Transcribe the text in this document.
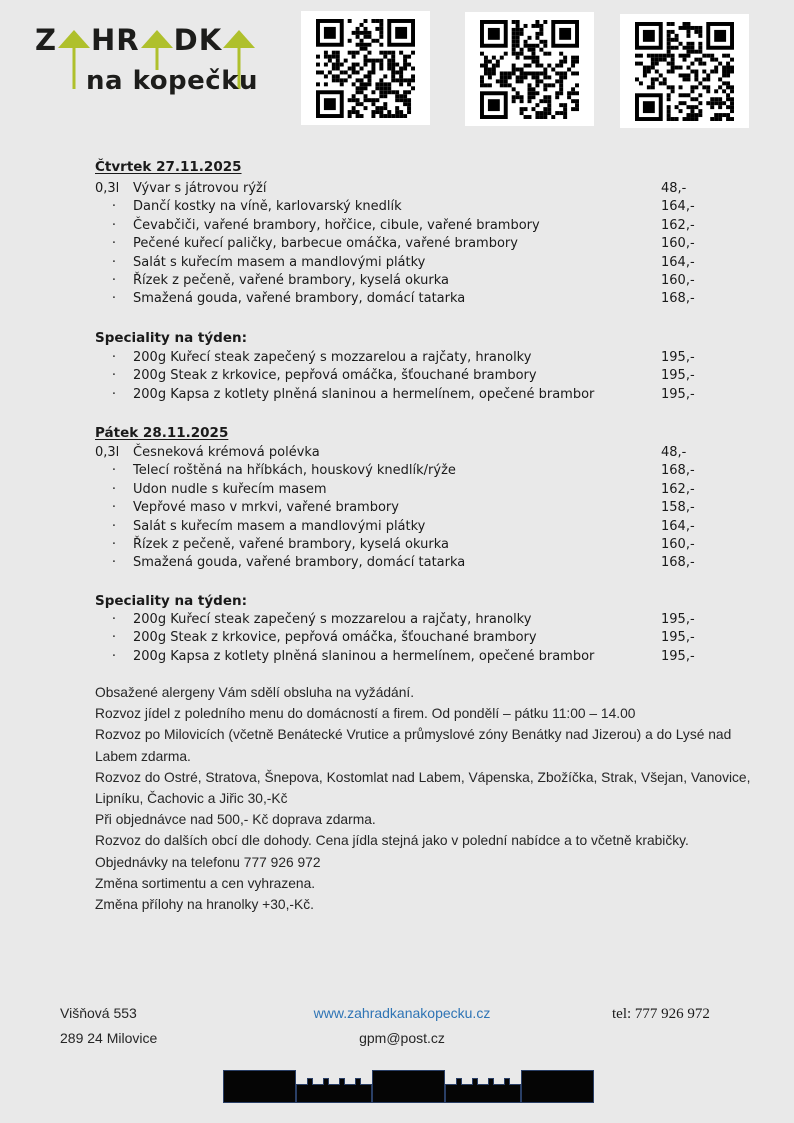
Z HR DK
na kopečku
Čtvrtek 27.11.2025
0,3l	Vývar s játrovou rýží	48,-
·	Dančí kostky na víně, karlovarský knedlík	164,-
·	Čevabčiči, vařené brambory, hořčice, cibule, vařené brambory	162,-
·	Pečené kuřecí paličky, barbecue omáčka, vařené brambory	160,-
·	Salát s kuřecím masem a mandlovými plátky	164,-
·	Řízek z pečeně, vařené brambory, kyselá okurka	160,-
·	Smažená gouda, vařené brambory, domácí tatarka	168,-
Speciality na týden:
·	200g Kuřecí steak zapečený s mozzarelou a rajčaty, hranolky	195,-
·	200g Steak z krkovice, pepřová omáčka, šťouchané brambory	195,-
·	200g Kapsa z kotlety plněná slaninou a hermelínem, opečené brambor	195,-
Pátek 28.11.2025
0,3l	Česneková krémová polévka	48,-
·	Telecí roštěná na hříbkách, houskový knedlík/rýže	168,-
·	Udon nudle s kuřecím masem	162,-
·	Vepřové maso v mrkvi, vařené brambory	158,-
·	Salát s kuřecím masem a mandlovými plátky	164,-
·	Řízek z pečeně, vařené brambory, kyselá okurka	160,-
·	Smažená gouda, vařené brambory, domácí tatarka	168,-
Speciality na týden:
·	200g Kuřecí steak zapečený s mozzarelou a rajčaty, hranolky	195,-
·	200g Steak z krkovice, pepřová omáčka, šťouchané brambory	195,-
·	200g Kapsa z kotlety plněná slaninou a hermelínem, opečené brambor	195,-
Obsažené alergeny Vám sdělí obsluha na vyžádání.
Rozvoz jídel z poledního menu do domácností a firem. Od pondělí – pátku 11:00 – 14.00
Rozvoz po Milovicích (včetně Benátecké Vrutice a průmyslové zóny Benátky nad Jizerou) a do Lysé nad
Labem zdarma.
Rozvoz do Ostré, Stratova, Šnepova, Kostomlat nad Labem, Vápenska, Zbožíčka, Strak, Všejan, Vanovice,
Lipníku, Čachovic a Jiřic 30,-Kč
Při objednávce nad 500,- Kč doprava zdarma.
Rozvoz do dalších obcí dle dohody. Cena jídla stejná jako v polední nabídce a to včetně krabičky.
Objednávky na telefonu 777 926 972
Změna sortimentu a cen vyhrazena.
Změna přílohy na hranolky +30,-Kč.
Višňová 553
289 24 Milovice
www.zahradkanakopecku.cz
gpm@post.cz
tel: 777 926 972
